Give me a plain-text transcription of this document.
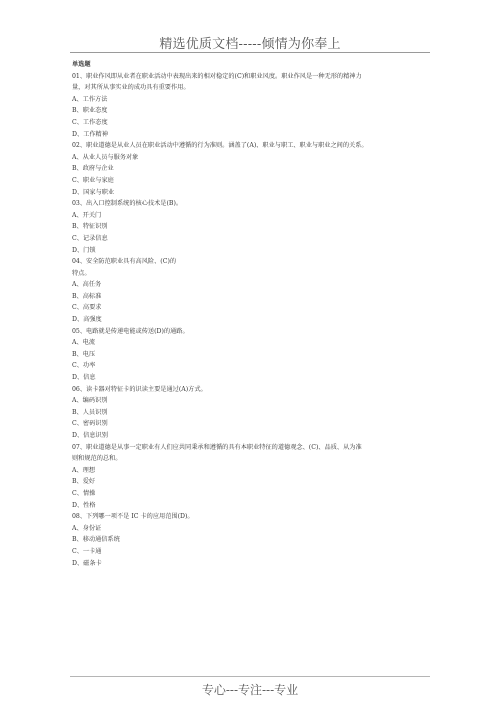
精选优质文档-----倾情为你奉上
单选题
01、职业作风即从业者在职业活动中表现出来的相对稳定的(C)和职业风度。职业作风是一种无形的精神力
量，对其所从事实业的成功具有重要作用。
A、工作方法
B、职业态度
C、工作态度
D、工作精神
02、职业道德是从业人员在职业活动中遵循的行为准则。涵盖了(A)、职业与职工、职业与职业之间的关系。
A、从业人员与服务对象
B、政府与企业
C、职业与家庭
D、国家与职业
03、出入口控制系统的核心技术是(B)。
A、开关门
B、特征识别
C、记录信息
D、门锁
04、安全防范职业具有高风险、(C)的
特点。
A、高任务
B、高标准
C、高要求
D、高强度
05、电路就是传递电能或传送(D)的通路。
A、电流
B、电压
C、功率
D、信息
06、读卡器对特征卡的识读主要是通过(A)方式。
A、编码识别
B、人员识别
C、密码识别
D、信息识别
07、职业道德是从事一定职业有人们应共同秉承和遵循的具有本职业特征的道德观念、(C)、品质、从为准
则和规范的总和。
A、理想
B、爱好
C、情操
D、性格
08、下列哪一项不是 IC 卡的应用范围(D)。
A、身份证
B、移动通信系统
C、一卡通
D、磁条卡
专心---专注---专业
